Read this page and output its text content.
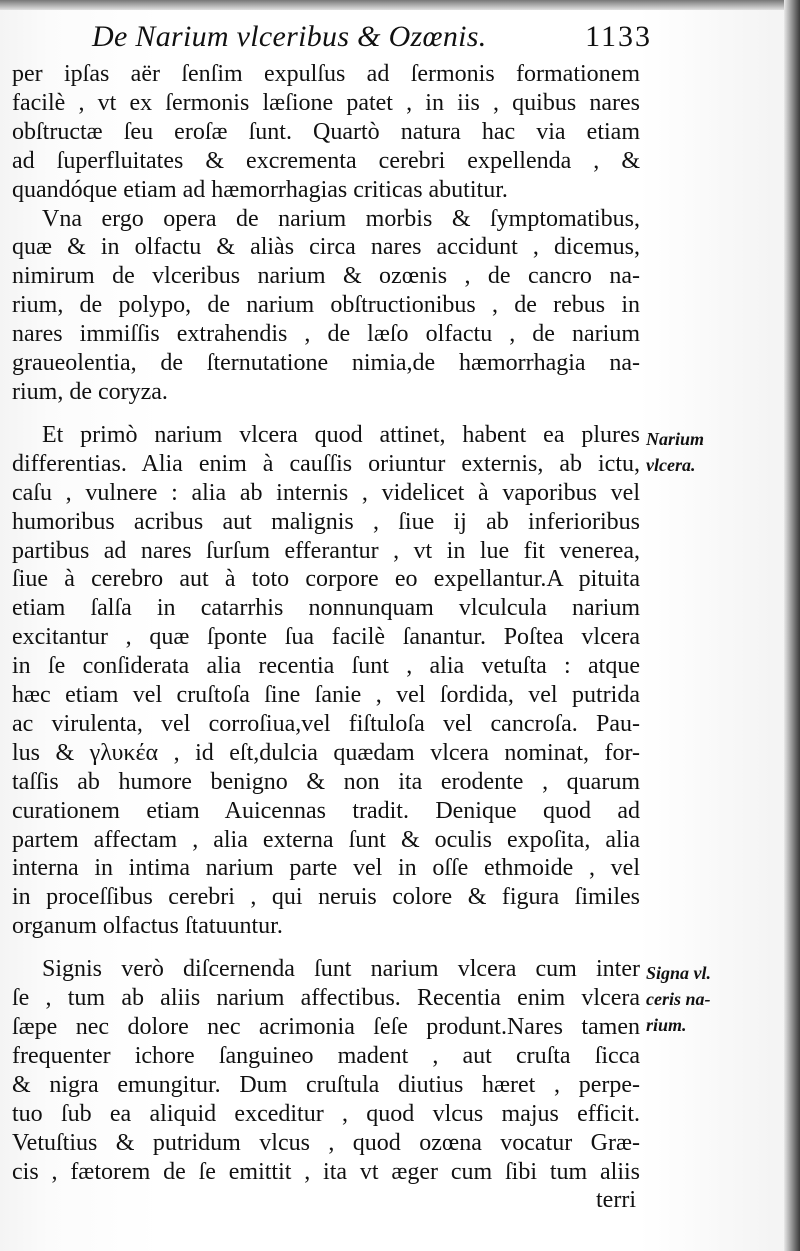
De Narium vlceribus & Ozœnis.	1133
per ipſas aër ſenſim expulſus ad ſermonis formationem
facilè , vt ex ſermonis læſione patet , in iis , quibus nares
obſtructæ ſeu eroſæ ſunt. Quartò natura hac via etiam
ad ſuperfluitates & excrementa cerebri expellenda , &
quandóque etiam ad hæmorrhagias criticas abutitur.
Vna ergo opera de narium morbis & ſymptomatibus,
quæ & in olfactu & aliàs circa nares accidunt , dicemus,
nimirum de vlceribus narium & ozœnis , de cancro na-
rium, de polypo, de narium obſtructionibus , de rebus in
nares immiſſis extrahendis , de læſo olfactu , de narium
graueolentia, de ſternutatione nimia,de hæmorrhagia na-
rium, de coryza.
Et primò narium vlcera quod attinet, habent ea plures
differentias. Alia enim à cauſſis oriuntur externis, ab ictu,
caſu , vulnere : alia ab internis , videlicet à vaporibus vel
humoribus acribus aut malignis , ſiue ij ab inferioribus
partibus ad nares ſurſum efferantur , vt in lue fit venerea,
ſiue à cerebro aut à toto corpore eo expellantur.A pituita
etiam ſalſa in catarrhis nonnunquam vlculcula narium
excitantur , quæ ſponte ſua facilè ſanantur. Poſtea vlcera
in ſe conſiderata alia recentia ſunt , alia vetuſta : atque
hæc etiam vel cruſtoſa ſine ſanie , vel ſordida, vel putrida
ac virulenta, vel corroſiua,vel fiſtuloſa vel cancroſa. Pau-
lus & γλυκέα , id eſt,dulcia quædam vlcera nominat, for-
taſſis ab humore benigno & non ita erodente , quarum
curationem etiam Auicennas tradit. Denique quod ad
partem affectam , alia externa ſunt & oculis expoſita, alia
interna in intima narium parte vel in oſſe ethmoide , vel
in proceſſibus cerebri , qui neruis colore & figura ſimiles
organum olfactus ſtatuuntur.
Signis verò diſcernenda ſunt narium vlcera cum inter
ſe , tum ab aliis narium affectibus. Recentia enim vlcera
ſæpe nec dolore nec acrimonia ſeſe produnt.Nares tamen
frequenter ichore ſanguineo madent , aut cruſta ſicca
& nigra emungitur. Dum cruſtula diutius hæret , perpe-
tuo ſub ea aliquid exceditur , quod vlcus majus efficit.
Vetuſtius & putridum vlcus , quod ozœna vocatur Græ-
cis , fætorem de ſe emittit , ita vt æger cum ſibi tum aliis
terri
Narium
vlcera.
Signa vl.
ceris na-
rium.
